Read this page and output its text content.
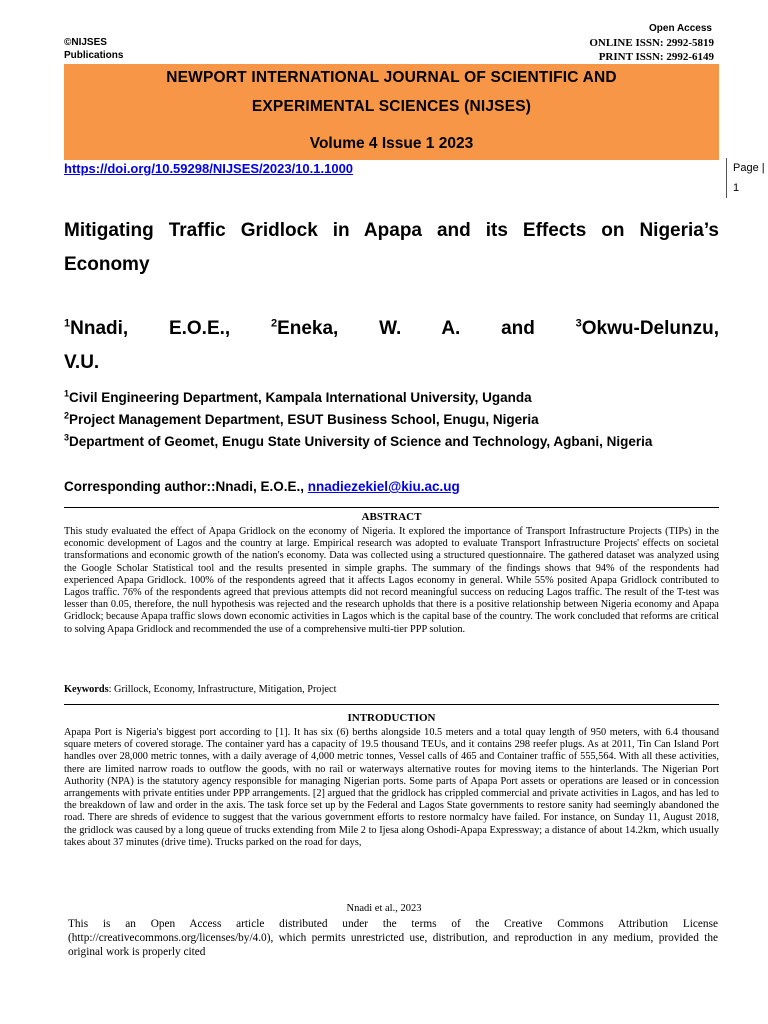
©NIJSES
Publications
Open Access
ONLINE ISSN: 2992-5819
PRINT ISSN: 2992-6149
NEWPORT INTERNATIONAL JOURNAL OF SCIENTIFIC AND
EXPERIMENTAL SCIENCES (NIJSES)
Volume 4 Issue 1 2023
https://doi.org/10.59298/NIJSES/2023/10.1.1000	Page | 1
Mitigating Traffic Gridlock in Apapa and its Effects on Nigeria’s Economy
$^1$Nnadi, E.O.E.,	$^2$Eneka, W. A. and	$^3$Okwu-Delunzu,
V.U.
$^1$Civil Engineering Department, Kampala International University, Uganda
$^2$Project Management Department, ESUT Business School, Enugu, Nigeria
$^3$Department of Geomet, Enugu State University of Science and Technology, Agbani, Nigeria
Corresponding author::Nnadi, E.O.E., nnadiezekiel@kiu.ac.ug
ABSTRACT
This study evaluated the effect of Apapa Gridlock on the economy of Nigeria. It explored the importance of Transport Infrastructure Projects (TIPs) in the economic development of Lagos and the country at large. Empirical research was adopted to evaluate Transport Infrastructure Projects' effects on societal transformations and economic growth of the nation's economy. Data was collected using a structured questionnaire. The gathered dataset was analyzed using the Google Scholar Statistical tool and the results presented in simple graphs. The summary of the findings shows that 94% of the respondents had experienced Apapa Gridlock. 100% of the respondents agreed that it affects Lagos economy in general. While 55% posited Apapa Gridlock contributed to Lagos traffic. 76% of the respondents agreed that previous attempts did not record meaningful success on reducing Lagos traffic. The result of the T-test was lesser than 0.05, therefore, the null hypothesis was rejected and the research upholds that there is a positive relationship between Nigeria economy and Apapa Gridlock; because Apapa traffic slows down economic activities in Lagos which is the capital base of the country. The work concluded that reforms are critical to solving Apapa Gridlock and recommended the use of a comprehensive multi-tier PPP solution.
Keywords: Grillock, Economy, Infrastructure, Mitigation, Project
INTRODUCTION
Apapa Port is Nigeria's biggest port according to [1]. It has six (6) berths alongside 10.5 meters and a total quay length of 950 meters, with 6.4 thousand square meters of covered storage. The container yard has a capacity of 19.5 thousand TEUs, and it contains 298 reefer plugs. As at 2011, Tin Can Island Port handles over 28,000 metric tonnes, with a daily average of 4,000 metric tonnes, Vessel calls of 465 and Container traffic of 555,564. With all these activities, there are limited narrow roads to outflow the goods, with no rail or waterways alternative routes for moving items to the hinterlands. The Nigerian Port Authority (NPA) is the statutory agency responsible for managing Nigerian ports. Some parts of Apapa Port assets or operations are leased or in concession arrangements with private entities under PPP arrangements. [2] argued that the gridlock has crippled commercial and private activities in Lagos, and has led to the breakdown of law and order in the axis. The task force set up by the Federal and Lagos State governments to restore sanity had seemingly abandoned the road. There are shreds of evidence to suggest that the various government efforts to restore normalcy have failed. For instance, on Sunday 11, August 2018, the gridlock was caused by a long queue of trucks extending from Mile 2 to Ijesa along Oshodi-Apapa Expressway; a distance of about 14.2km, which usually takes about 37 minutes (drive time). Trucks parked on the road for days,
Nnadi et al., 2023
This is an Open Access article distributed under the terms of the Creative Commons Attribution License (http://creativecommons.org/licenses/by/4.0), which permits unrestricted use, distribution, and reproduction in any medium, provided the original work is properly cited
